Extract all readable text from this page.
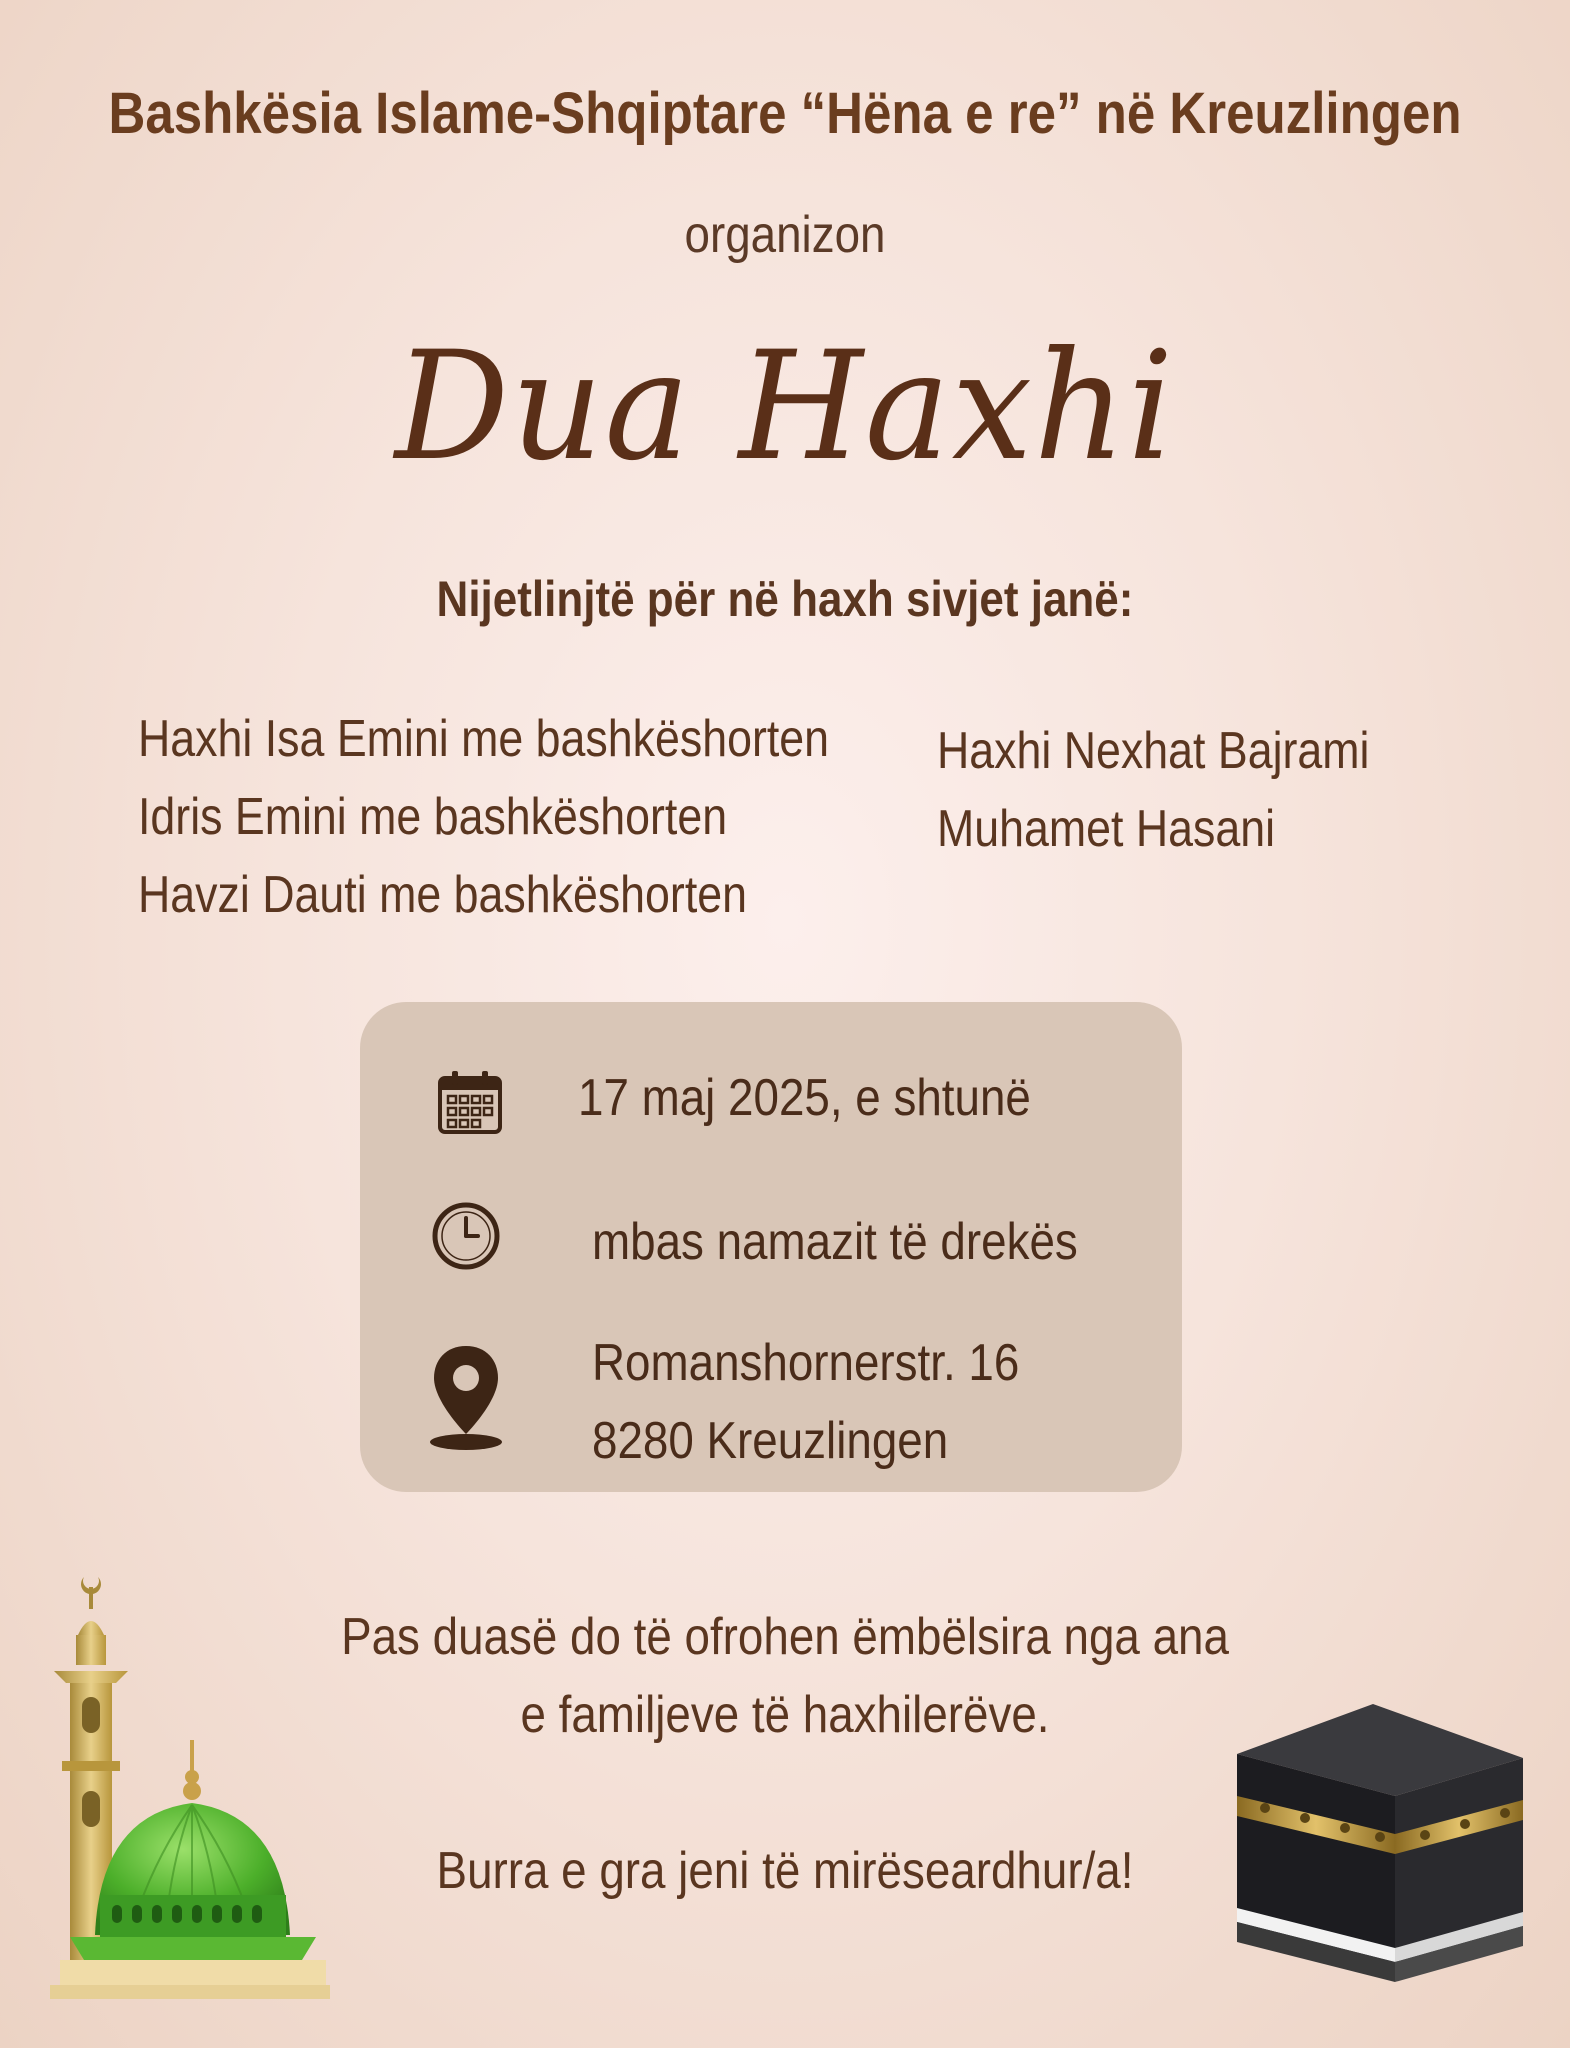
Bashkësia Islame-Shqiptare “Hëna e re” në Kreuzlingen
organizon
Dua Haxhi
Nijetlinjtë për në haxh sivjet janë:
Haxhi Isa Emini me bashkëshorten
Idris Emini me bashkëshorten
Havzi Dauti me bashkëshorten
Haxhi Nexhat Bajrami
Muhamet Hasani
17 maj 2025, e shtunë
mbas namazit të drekës
Romanshornerstr. 16
8280 Kreuzlingen
Pas duasë do të ofrohen ëmbëlsira nga ana
e familjeve të haxhilerëve.
Burra e gra jeni të mirëseardhur/a!
